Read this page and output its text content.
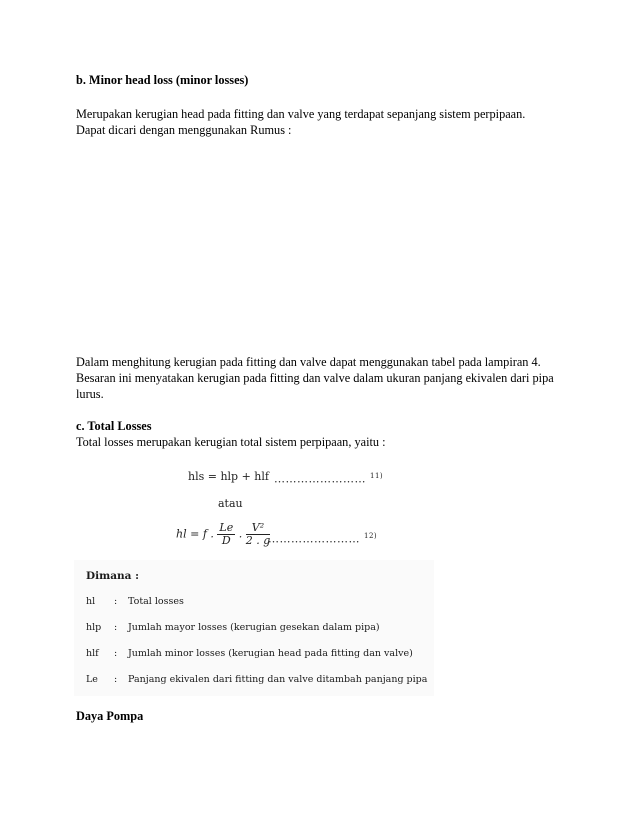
b. Minor head loss (minor losses)
Merupakan kerugian head pada fitting dan valve yang terdapat sepanjang sistem perpipaan.
Dapat dicari dengan menggunakan Rumus :
Dalam menghitung kerugian pada fitting dan valve dapat menggunakan tabel pada lampiran 4.
Besaran ini menyatakan kerugian pada fitting dan valve dalam ukuran panjang ekivalen dari pipa
lurus.
c. Total Losses
Total losses merupakan kerugian total sistem perpipaan, yaitu :
hls = hlp + hlf …………………… $^{11)}$
atau
hl = f . $\frac{Le}{D}$ . $\frac{\text{V²}}{2 . g}$
…………………… $^{12)}$
Dimana :
hl : Total losses
hlp : Jumlah mayor losses (kerugian gesekan dalam pipa)
hlf : Jumlah minor losses (kerugian head pada fitting dan valve)
Le : Panjang ekivalen dari fitting dan valve ditambah panjang pipa
Daya Pompa
